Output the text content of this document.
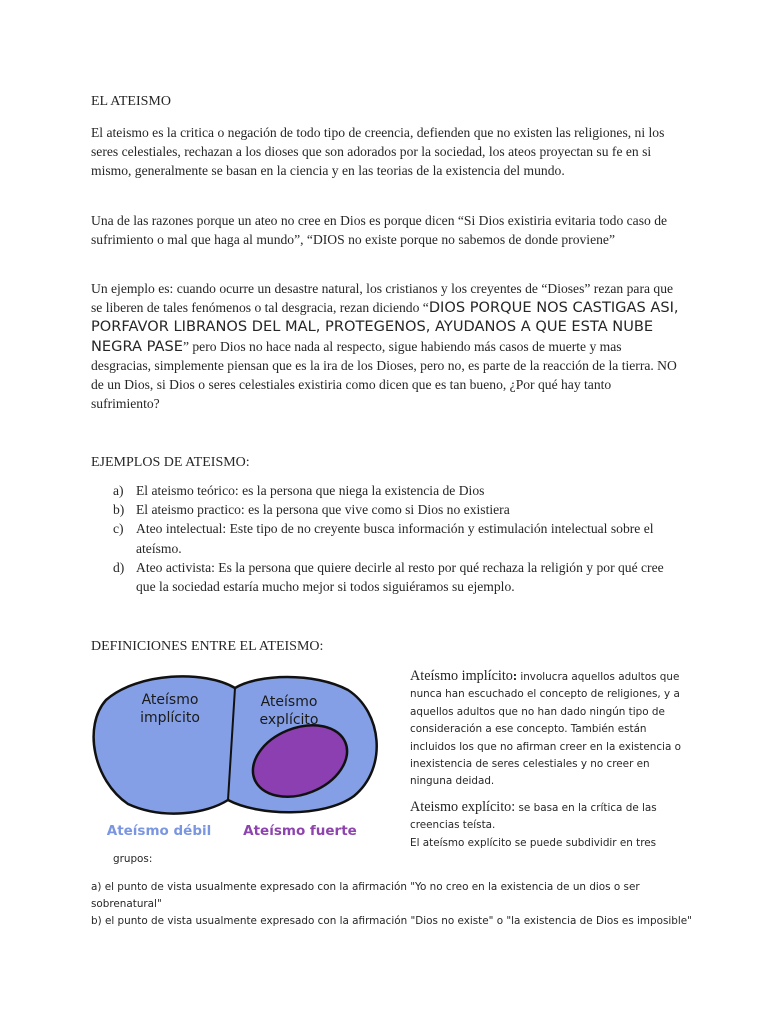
EL ATEISMO

El ateismo es la critica o negación de todo tipo de creencia, defienden que no existen las religiones, ni los seres celestiales, rechazan a los dioses que son adorados por la sociedad, los ateos proyectan su fe en si mismo, generalmente se basan en la ciencia y en las teorias de la existencia del mundo.

Una de las razones porque un ateo no cree en Dios es porque dicen “Si Dios existiria evitaria todo caso de sufrimiento o mal que haga al mundo”, “DIOS no existe porque no sabemos de donde proviene”

Un ejemplo es: cuando ocurre un desastre natural, los cristianos y los creyentes de “Dioses” rezan para que se liberen de tales fenómenos o tal desgracia, rezan diciendo “DIOS PORQUE NOS CASTIGAS ASI, PORFAVOR LIBRANOS DEL MAL, PROTEGENOS, AYUDANOS A QUE ESTA NUBE NEGRA PASE” pero Dios no hace nada al respecto, sigue habiendo más casos de muerte y mas desgracias, simplemente piensan que es la ira de los Dioses, pero no, es parte de la reacción de la tierra. NO de un Dios, si Dios o seres celestiales existiria como dicen que es tan bueno, ¿Por qué hay tanto sufrimiento?

EJEMPLOS DE ATEISMO:
a) El ateismo teórico: es la persona que niega la existencia de Dios
b) El ateismo practico: es la persona que vive como si Dios no existiera
c) Ateo intelectual: Este tipo de no creyente busca información y estimulación intelectual sobre el ateísmo.
d) Ateo activista: Es la persona que quiere decirle al resto por qué rechaza la religión y por qué cree que la sociedad estaría mucho mejor si todos siguiéramos su ejemplo.
DEFINICIONES ENTRE EL ATEISMO:
Ateísmo
implícito
Ateísmo
explícito
Ateísmo débil Ateísmo fuerte
Ateísmo implícito: involucra aquellos adultos que nunca han escuchado el concepto de religiones, y a aquellos adultos que no han dado ningún tipo de consideración a ese concepto. También están incluidos los que no afirman creer en la existencia o inexistencia de seres celestiales y no creer en ninguna deidad.
Ateismo explícito: se basa en la crítica de las creencias teísta.
El ateísmo explícito se puede subdividir en tres
grupos:
a) el punto de vista usualmente expresado con la afirmación "Yo no creo en la existencia de un dios o ser sobrenatural"
b) el punto de vista usualmente expresado con la afirmación "Dios no existe" o "la existencia de Dios es imposible"
